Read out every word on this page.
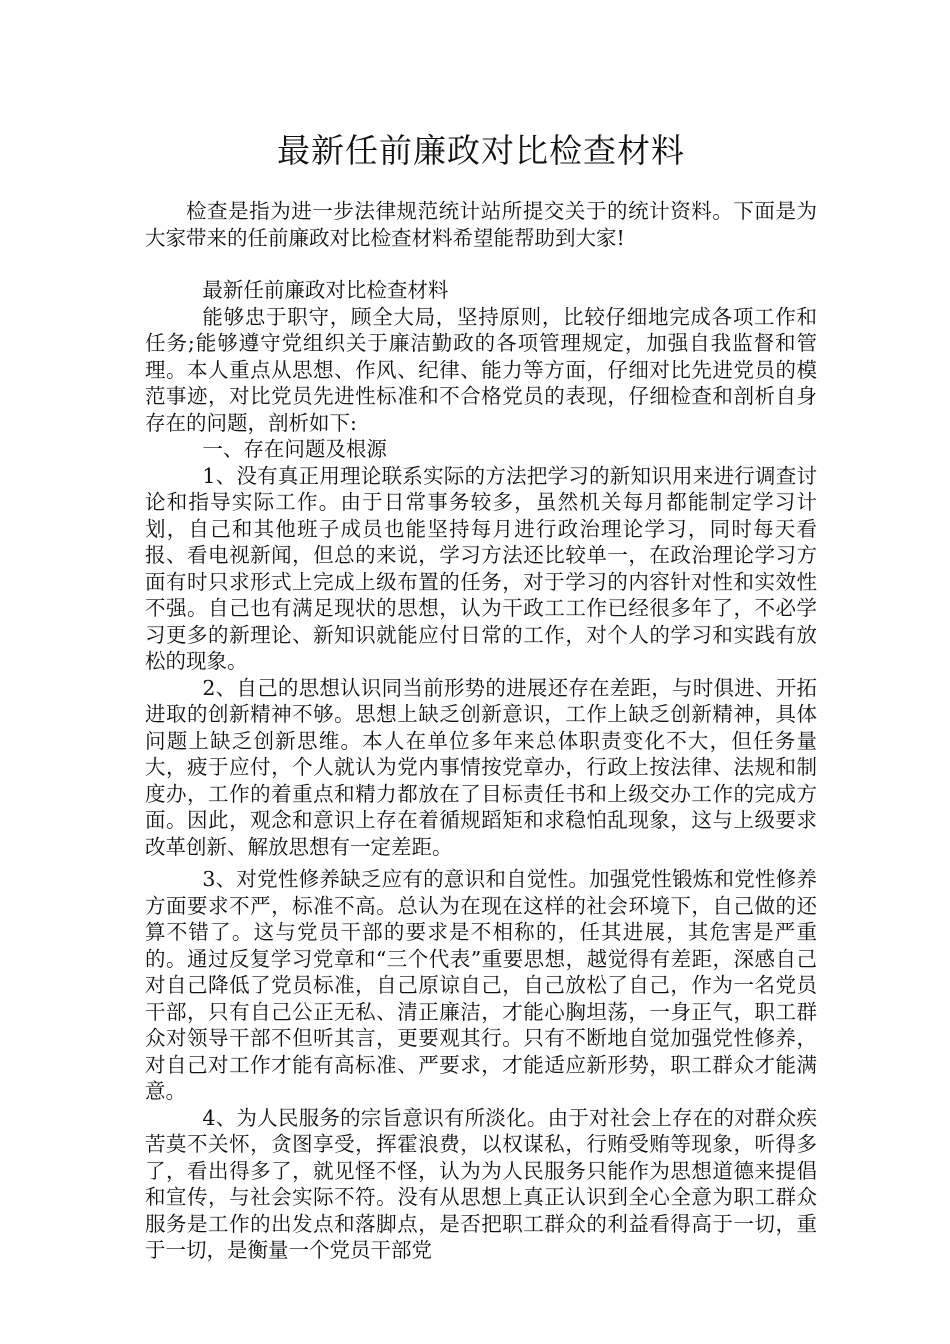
最新任前廉政对比检查材料

检查是指为进一步法律规范统计站所提交关于的统计资料。下面是为大家带来的任前廉政对比检查材料希望能帮助到大家!

最新任前廉政对比检查材料

能够忠于职守，顾全大局，坚持原则，比较仔细地完成各项工作和任务;能够遵守党组织关于廉洁勤政的各项管理规定，加强自我监督和管理。本人重点从思想、作风、纪律、能力等方面，仔细对比先进党员的模范事迹，对比党员先进性标准和不合格党员的表现，仔细检查和剖析自身存在的问题，剖析如下:

一、存在问题及根源

1、没有真正用理论联系实际的方法把学习的新知识用来进行调查讨论和指导实际工作。由于日常事务较多，虽然机关每月都能制定学习计划，自己和其他班子成员也能坚持每月进行政治理论学习，同时每天看报、看电视新闻，但总的来说，学习方法还比较单一，在政治理论学习方面有时只求形式上完成上级布置的任务，对于学习的内容针对性和实效性不强。自己也有满足现状的思想，认为干政工工作已经很多年了，不必学习更多的新理论、新知识就能应付日常的工作，对个人的学习和实践有放松的现象。

2、自己的思想认识同当前形势的进展还存在差距，与时俱进、开拓进取的创新精神不够。思想上缺乏创新意识，工作上缺乏创新精神，具体问题上缺乏创新思维。本人在单位多年来总体职责变化不大，但任务量大，疲于应付，个人就认为党内事情按党章办，行政上按法律、法规和制度办，工作的着重点和精力都放在了目标责任书和上级交办工作的完成方面。因此，观念和意识上存在着循规蹈矩和求稳怕乱现象，这与上级要求改革创新、解放思想有一定差距。

3、对党性修养缺乏应有的意识和自觉性。加强党性锻炼和党性修养方面要求不严，标准不高。总认为在现在这样的社会环境下，自己做的还算不错了。这与党员干部的要求是不相称的，任其进展，其危害是严重的。通过反复学习党章和“三个代表”重要思想，越觉得有差距，深感自己对自己降低了党员标准，自己原谅自己，自己放松了自己，作为一名党员干部，只有自己公正无私、清正廉洁，才能心胸坦荡，一身正气，职工群众对领导干部不但听其言，更要观其行。只有不断地自觉加强党性修养，对自己对工作才能有高标准、严要求，才能适应新形势，职工群众才能满意。

4、为人民服务的宗旨意识有所淡化。由于对社会上存在的对群众疾苦莫不关怀，贪图享受，挥霍浪费，以权谋私，行贿受贿等现象，听得多了，看出得多了，就见怪不怪，认为为人民服务只能作为思想道德来提倡和宣传，与社会实际不符。没有从思想上真正认识到全心全意为职工群众服务是工作的出发点和落脚点，是否把职工群众的利益看得高于一切，重于一切，是衡量一个党员干部党
